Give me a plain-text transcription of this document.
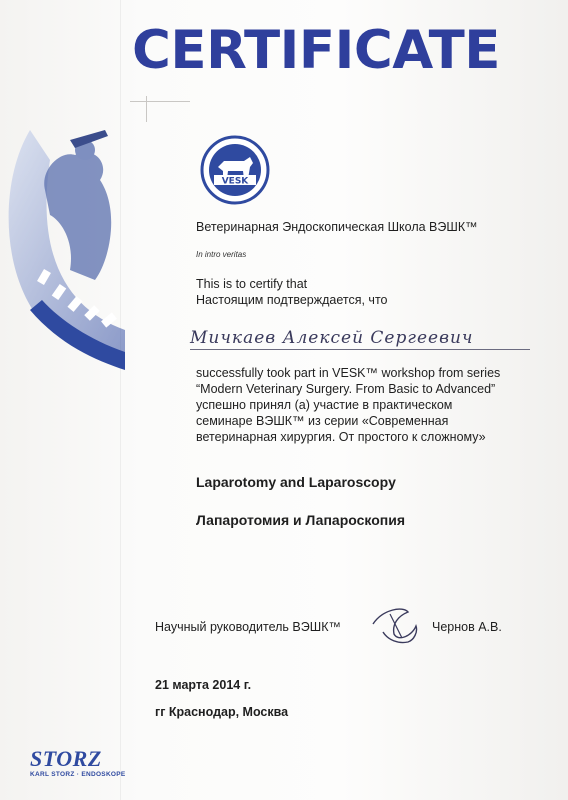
CERTIFICATE
VESK
Ветеринарная Эндоскопическая Школа ВЭШК™
In intro veritas
This is to certify that
Настоящим подтверждается, что
Мичкаев Алексей Сергеевич
successfully took part in VESK™ workshop from series
“Modern Veterinary Surgery. From Basic to Advanced”
успешно принял (а) участие в практическом
семинаре ВЭШК™ из серии «Современная
ветеринарная хирургия. От простого к сложному»
Laparotomy and Laparoscopy
Лапаротомия и Лапароскопия
Научный руководитель ВЭШК™	Чернов А.В.
21 марта 2014 г.
гг Краснодар, Москва
STORZ
KARL STORZ · ENDOSKOPE
